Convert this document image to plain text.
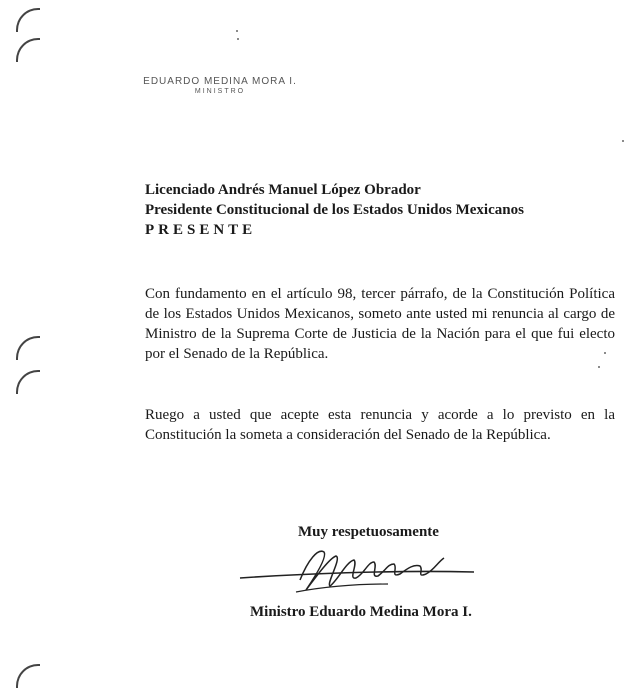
EDUARDO MEDINA MORA I.
MINISTRO
Licenciado Andrés Manuel López Obrador
Presidente Constitucional de los Estados Unidos Mexicanos
PRESENTE
Con fundamento en el artículo 98, tercer párrafo, de la Constitución Política de los Estados Unidos Mexicanos, someto ante usted mi renuncia al cargo de Ministro de la Suprema Corte de Justicia de la Nación para el que fui electo por el Senado de la República.
Ruego a usted que acepte esta renuncia y acorde a lo previsto en la Constitución la someta a consideración del Senado de la República.
Muy respetuosamente
Ministro Eduardo Medina Mora I.
